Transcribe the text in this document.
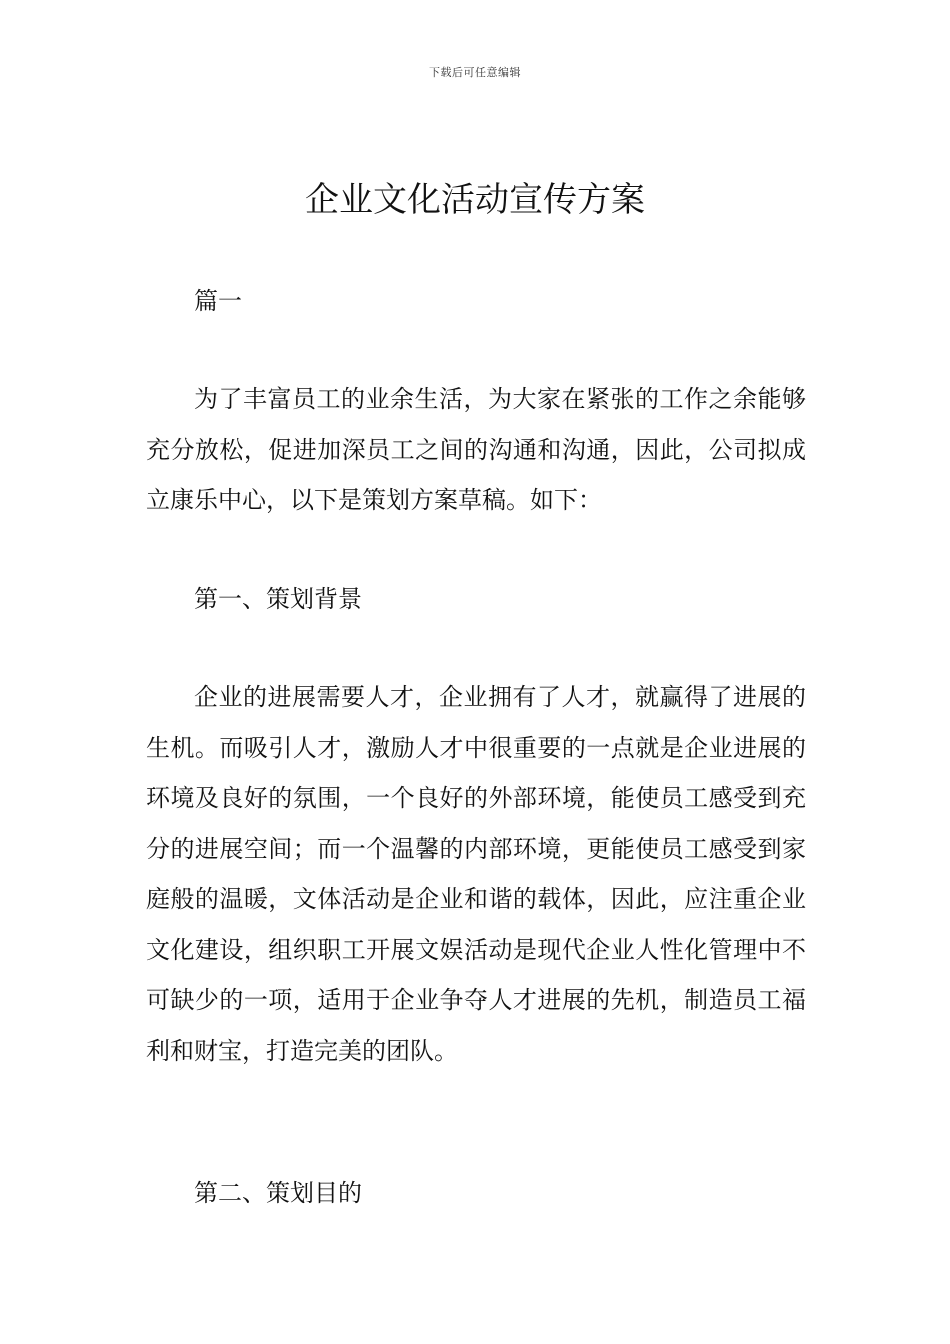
下载后可任意编辑
企业文化活动宣传方案

篇一

为了丰富员工的业余生活，为大家在紧张的工作之余能够充分放松，促进加深员工之间的沟通和沟通，因此，公司拟成立康乐中心，以下是策划方案草稿。如下：

第一、策划背景

企业的进展需要人才，企业拥有了人才，就赢得了进展的生机。而吸引人才，激励人才中很重要的一点就是企业进展的环境及良好的氛围，一个良好的外部环境，能使员工感受到充分的进展空间；而一个温馨的内部环境，更能使员工感受到家庭般的温暖，文体活动是企业和谐的载体，因此，应注重企业文化建设，组织职工开展文娱活动是现代企业人性化管理中不可缺少的一项，适用于企业争夺人才进展的先机，制造员工福利和财宝，打造完美的团队。

第二、策划目的
